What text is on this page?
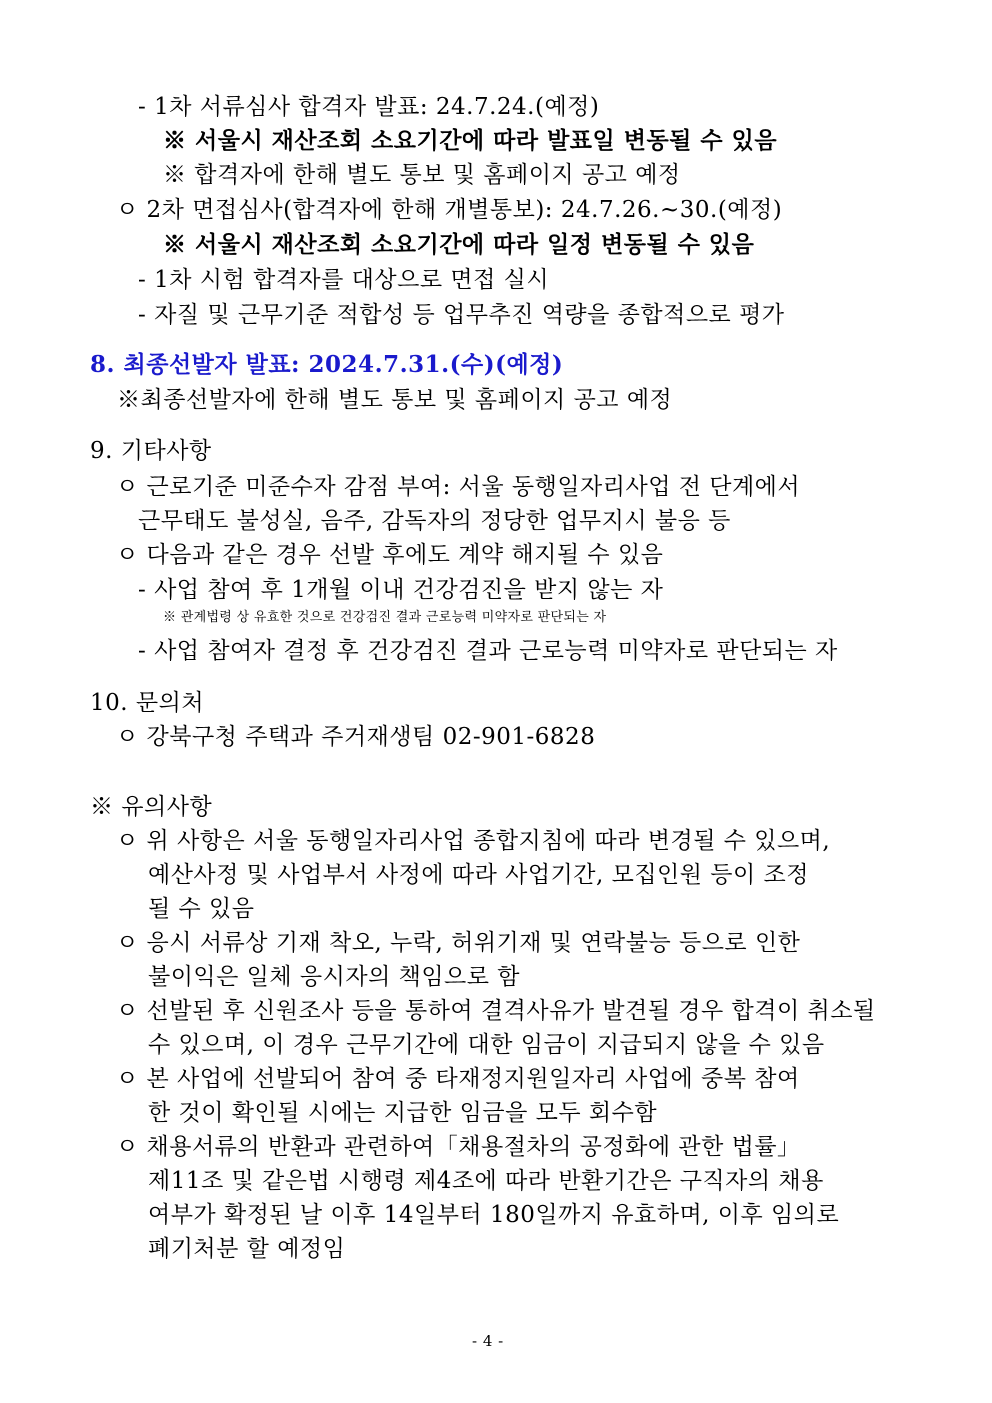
- 1차 서류심사 합격자 발표: 24.7.24.(예정)
※ 서울시 재산조회 소요기간에 따라 발표일 변동될 수 있음
※ 합격자에 한해 별도 통보 및 홈페이지 공고 예정
ㅇ 2차 면접심사(합격자에 한해 개별통보): 24.7.26.~30.(예정)
※ 서울시 재산조회 소요기간에 따라 일정 변동될 수 있음
- 1차 시험 합격자를 대상으로 면접 실시
- 자질 및 근무기준 적합성 등 업무추진 역량을 종합적으로 평가
8. 최종선발자 발표: 2024.7.31.(수)(예정)
※최종선발자에 한해 별도 통보 및 홈페이지 공고 예정
9. 기타사항
ㅇ 근로기준 미준수자 감점 부여: 서울 동행일자리사업 전 단계에서
근무태도 불성실, 음주, 감독자의 정당한 업무지시 불응 등
ㅇ 다음과 같은 경우 선발 후에도 계약 해지될 수 있음
- 사업 참여 후 1개월 이내 건강검진을 받지 않는 자
※ 관계법령 상 유효한 것으로 건강검진 결과 근로능력 미약자로 판단되는 자
- 사업 참여자 결정 후 건강검진 결과 근로능력 미약자로 판단되는 자
10. 문의처
ㅇ 강북구청 주택과 주거재생팀 02-901-6828
※ 유의사항
ㅇ 위 사항은 서울 동행일자리사업 종합지침에 따라 변경될 수 있으며,
예산사정 및 사업부서 사정에 따라 사업기간, 모집인원 등이 조정
될 수 있음
ㅇ 응시 서류상 기재 착오, 누락, 허위기재 및 연락불능 등으로 인한
불이익은 일체 응시자의 책임으로 함
ㅇ 선발된 후 신원조사 등을 통하여 결격사유가 발견될 경우 합격이 취소될
수 있으며, 이 경우 근무기간에 대한 임금이 지급되지 않을 수 있음
ㅇ 본 사업에 선발되어 참여 중 타재정지원일자리 사업에 중복 참여
한 것이 확인될 시에는 지급한 임금을 모두 회수함
ㅇ 채용서류의 반환과 관련하여「채용절차의 공정화에 관한 법률」
제11조 및 같은법 시행령 제4조에 따라 반환기간은 구직자의 채용
여부가 확정된 날 이후 14일부터 180일까지 유효하며, 이후 임의로
폐기처분 할 예정임
- 4 -
